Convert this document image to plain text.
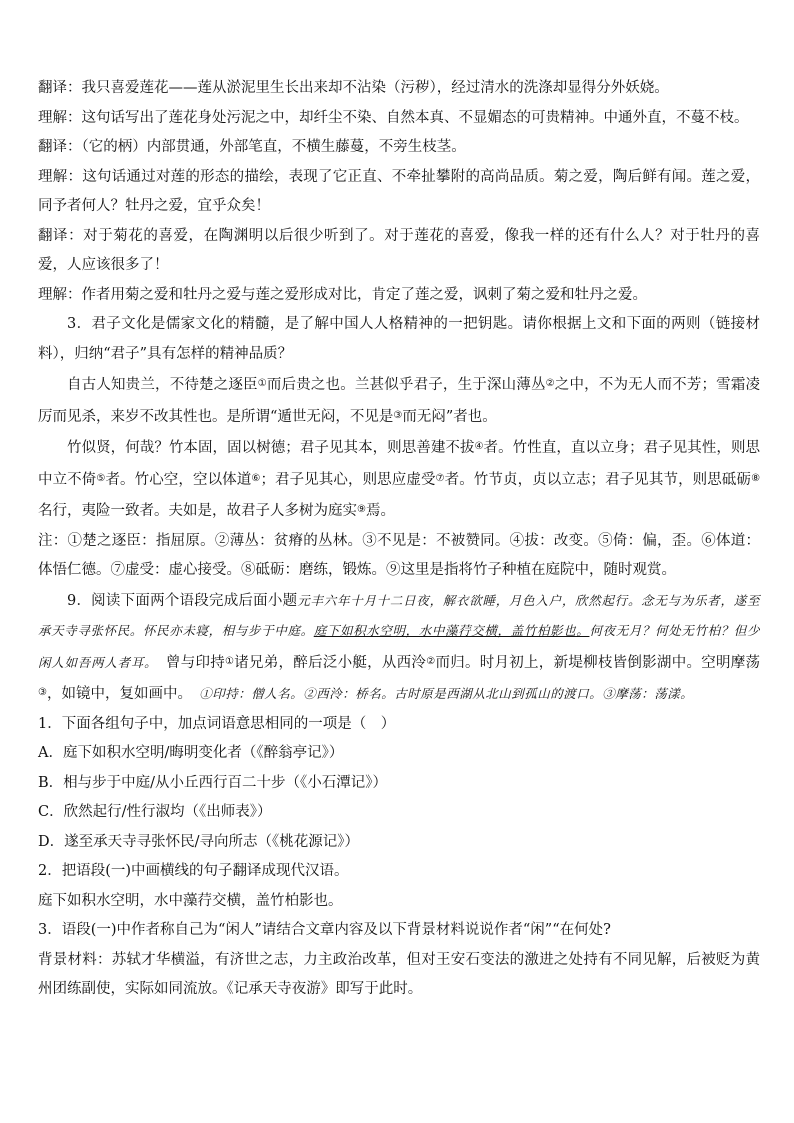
翻译：我只喜爱莲花——莲从淤泥里生长出来却不沾染（污秽），经过清水的洗涤却显得分外妖娆。

理解：这句话写出了莲花身处污泥之中，却纤尘不染、自然本真、不显媚态的可贵精神。中通外直，不蔓不枝。

翻译：（它的柄）内部贯通，外部笔直，不横生藤蔓，不旁生枝茎。

理解：这句话通过对莲的形态的描绘，表现了它正直、不牵扯攀附的高尚品质。菊之爱，陶后鲜有闻。莲之爱，同予者何人？牡丹之爱，宜乎众矣！

翻译：对于菊花的喜爱，在陶渊明以后很少听到了。对于莲花的喜爱，像我一样的还有什么人？对于牡丹的喜爱，人应该很多了！

理解：作者用菊之爱和牡丹之爱与莲之爱形成对比，肯定了莲之爱，讽刺了菊之爱和牡丹之爱。

3．君子文化是儒家文化的精髓，是了解中国人人格精神的一把钥匙。请你根据上文和下面的两则（链接材料），归纳“君子”具有怎样的精神品质？

自古人知贵兰，不待楚之逐臣①而后贵之也。兰甚似乎君子，生于深山薄丛②之中，不为无人而不芳；雪霜凌厉而见杀，来岁不改其性也。是所谓“遁世无闷，不见是③而无闷”者也。

竹似贤，何哉？竹本固，固以树德；君子见其本，则思善建不拔④者。竹性直，直以立身；君子见其性，则思中立不倚⑤者。竹心空，空以体道⑥；君子见其心，则思应虚受⑦者。竹节贞，贞以立志；君子见其节，则思砥砺⑧名行，夷险一致者。夫如是，故君子人多树为庭实⑨焉。

注：①楚之逐臣：指屈原。②薄丛：贫瘠的丛林。③不见是：不被赞同。④拔：改变。⑤倚：偏，歪。⑥体道：体悟仁德。⑦虚受：虚心接受。⑧砥砺：磨练，锻炼。⑨这里是指将竹子种植在庭院中，随时观赏。

9．阅读下面两个语段完成后面小题元丰六年十月十二日夜，解衣欲睡，月色入户，欣然起行。念无与为乐者，遂至承天寺寻张怀民。怀民亦未寝，相与步于中庭。庭下如积水空明，水中藻荇交横，盖竹柏影也。何夜无月？何处无竹柏？但少闲人如吾两人者耳。　曾与印持①诸兄弟，醉后泛小艇，从西泠②而归。时月初上，新堤柳枝皆倒影湖中。空明摩荡③，如镜中，复如画中。　 ①印持：僧人名。②西泠：桥名。古时原是西湖从北山到孤山的渡口。③摩荡：荡漾。

1．下面各组句子中，加点词语意思相同的一项是（　）

A．庭下如积水空明/晦明变化者（《醉翁亭记》）

B．相与步于中庭/从小丘西行百二十步（《小石潭记》）

C．欣然起行/性行淑均（《出师表》）

D．遂至承天寺寻张怀民/寻向所志（《桃花源记》）

2．把语段(一)中画横线的句子翻译成现代汉语。

庭下如积水空明，水中藻荇交横，盖竹柏影也。

3．语段(一)中作者称自己为“闲人”请结合文章内容及以下背景材料说说作者“闲”“在何处?

背景材料：苏轼才华横溢，有济世之志，力主政治改革，但对王安石变法的激进之处持有不同见解，后被贬为黄州团练副使，实际如同流放。《记承天寺夜游》即写于此时。
